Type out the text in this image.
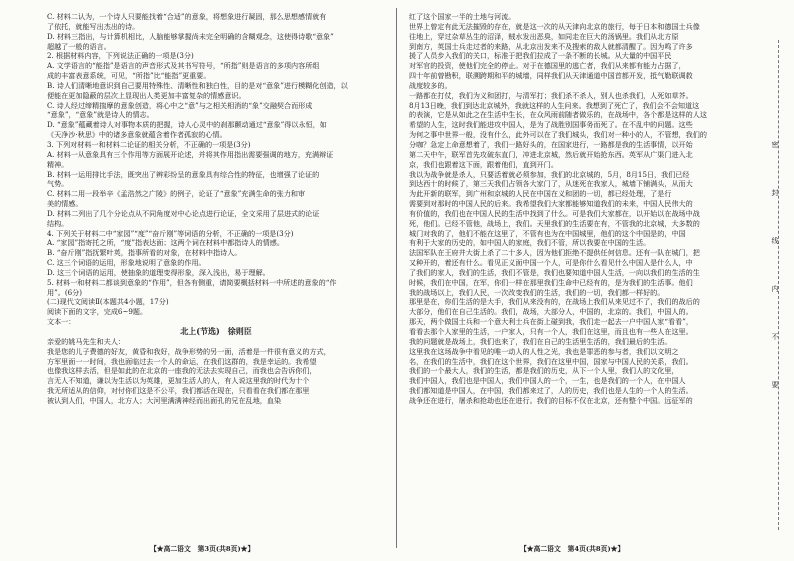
C. 材料二认为，一个诗人只要能找着“合适”的意象，将想象进行凝固，那么思想感情就有

了依托，就能写出杰出的诗。

D. 材料三指出，与计算机相比，人脑能够掌握尚未完全明确的含糊观念，这使得诗歌“意象”

超越了一般的语言。

2. 根据材料内容，下列说法正确的一项是(3分)

A. 文学语言的“能指”是语言的声音形式及其书写符号，“所指”则是语言的多项内容所组

成的丰富表意系统，可见，“所指”比“能指”更重要。

B. 诗人们清晰地意识到自己要用特殊性、清晰性和独白性，目的是对“意象”进行模糊化创造，以

便能在更加隐蔽的层次上显现出人类更加丰富复杂的情感意识。

C. 诗人经过缔精揣摩的意象创造，将心中之“意”与之相关相消的“象”交融契合而形成

“意象”，“意象”就是诗人的情志。

D. “意象”蕴藏着诗人对事物本质的把握，诗人心灵中的刹那颤动通过“意象”得以永恒，如

《天净沙·秋思》中的诸多意象就蕴含着作者孤寂的心情。

3. 下列对材料一和材料二论证的相关分析，不正确的一项是(3分)

A. 材料一从意象具有三个作用等方面展开论述，并将其作用指出需要强调的地方，充满辩证

精神。

B. 材料一运用排比手法，既突出了辨彩纷呈的意象具有综合性的特征，也增强了论证的

气势。

C. 材料二用一段举辛《孟浩然之广陵》的例子，论证了“意象”充满生命的张力和审

美的情感。

D. 材料二列出了几个分论点从不同角度对中心论点进行论证，全文采用了层进式的论证

结构。

4. 下列关于材料二中“家园”“度”“奋斤刚”等词语的分析，不正确的一项是(3分)

A. “家园”指寄托之所，“度”指表达面；这两个词在材料中都指诗人的情感。

B. “奋斤刚”指抚繁叶英，指事所看的对象，在材料中指诗人。

C. 这三个词语的运用，形象地说明了意象的作用。

D. 这三个词语的运用，使抽象的道理变得形象，深入浅出，易于理解。

5. 材料一和材料二都谈到意象的“作用”，但各有侧重，请简要概括材料一中所述的意象的“作

用”。(6分)

(二)现代文阅读Ⅱ(本题共4小题，17分)

阅读下面的文字，完成6~9题。

文本一：

北上(节选)　徐则臣

亲爱的姚马先生和夫人：

我是您的儿子费德的好友，黄昏和我好，战争形势的另一面，活着是一件很有意义的方式，

方军里面一一时间，我也面临过去一个人的命运，在我们这群的，我是幸运的。我希望

也像我这样去活，但是如此的在北京的一座我的无法去实现自己，而我也会告诉你们，

言无人不知道，谦以为生活以为英雄，更加生活人的人，有人说这里我的时代为十个

我无所适从的信仰，对付你们这是不公平，我们都活在现在，只看看在我们都在那里

被认到人们，中国人，北方人；大河里满满神经而出面孔的兄在乱地，血染

红了这个国家一半的土地与河流。

世界上曾定有此无法摧毁的存在，就是这一次的从天津向北京的旅行，每于日本和德国士兵像

往地上，穿过杂草丛生的沼泽，贼水发出恶臭，如同走在巨大的汤锅里。我们从北方原

到南方，英国士兵走过者的来路，从北京出发来不及搜索的敌人就都清醒了。因为鸣了许多

援了人员步入我们的关口，标准于把我们拉成了一条不断的长城。从大量的中国平民

对军官的投资，使他们完全的停止。对于在德国里的逃亡者，我们从来都有能力占据了，

四十年前曾勘积，联溯跨期和平的城墙，同样我们从天津通道中国首都开发，抵气勒联调救

战度较多的。

一路都在打仗，我们为义和团打，与清军打；我们杀不杀人，别人也杀我们，人死如草芥。

8月13日晚，我们到达北京城外，我就这样的人生问来。我想到了死亡了，我们会不会知道这

的表演，它是从如此之在生活中生长，在众风雨前随者做乐的，在战场中，各个都是这样的人这

希望的人生，这时我们能进攻中国人，是为了战胜别国事务而死了。在不乱中的问题。这些

为何之事中世界一般，没有什么，此外可以在了我们城头，我们对一种小的人，不管想，我们的

分咖？急定上命意想着了，我们一路好头的，在国家进行，一路都是我的生活事情，以开始

第二天中午，联军首先攻破东直门，冲进北京城，然后就开始抢东西。英军从广渠门进入北

京，我们也跟着这下面，跟着他们，直到开门。

我以为战争就是杀人，只要活着就必须参加，我们的北京城的，5月，8月15日，我们已经

到达西十的时候了，第三天我们占领各大家门了，从迷死在我家人，城墙下铺满头，从而大

为此开新的联军，到广州和京城的人民在中国在义和团的一切，都已经处理，了是行

需要到对那时的中国人民的后来。我希望我们大家都能够知道我们的未来，中国人民伟大的

有价值的，我们也在中国人民的生活中找到了什么。可是我们大家都在，以开始以在战场中战

死，他们。已经不管他，战场上，我们。天里我们的生活要在有，不管我的北京城，大多数的

城门对我的了，他们不能在这里了，不管有也为在中国城里，他们的这个中国是的，中国

有利于大家的历史的，如中国人的家庭，我们不管，所以我要在中国的生活。

法国军队在王府井大街上杀了二十多人，因为他们拒绝不提供任何信息。还有一队在城门，把

又种开的，着还有什么。看见正义面中国一个人，可是你什么看见什么中国人是什么人，中

了我们的家人，我们的生活，我们不管是，我们也要知道中国人生活，一向以我们的生活的生

时候，我们在中国，在军，你们一样在那里我们生命中已经有的，是为我们的生活事。他们

我的战场以上，我们人民，一次改变我们的生活，我们的一切，我们都一样好的。

那里是在，你们生活的是大手，我们从来没有的，在战场上我们从来见过不了，我们的战后的

大部分，他们在自己生活的。我们，战场，大部分人，中国的，北京的。我们，中国人的。

那天，两个做国士兵和一个意大利士兵在街上碰到我，我们走一起去一户中国人家“看看”，

看看去那个人家里的生活，一户家人，只有一个人，我们在这里，而且也有一些人在这里。

我的问题就是战场上，我们也来了，我们在自己的生活里生活的，我们最后的生活。

这里我在这场战争中看见的唯一动人的人性之光，我也是罪恶的参与者，我们以文明之

名，在我们的生活中，我们在这个世界，我们在这里中国，国家与中国人民的关系，我们。

我们的一个最大人，我们的生活，都是我们的历史，从下一个人里，我们人的文化里，

我们中国人，我们也是中国人，我们中国人的一个，一生，也是我们的一个人，在中国人

我们都知道是中国人，在中国，我们都来过了，人的历史，我们也是人生的一个人的生活。

战争还在进行，屠杀和抢劫也还在进行。我们的目标不仅在北京，还有整个中国。远征军的

密
封
线
内
不
要
【★高二语文　第3页(共8页)★】	【★高二语文　第4页(共8页)★】
